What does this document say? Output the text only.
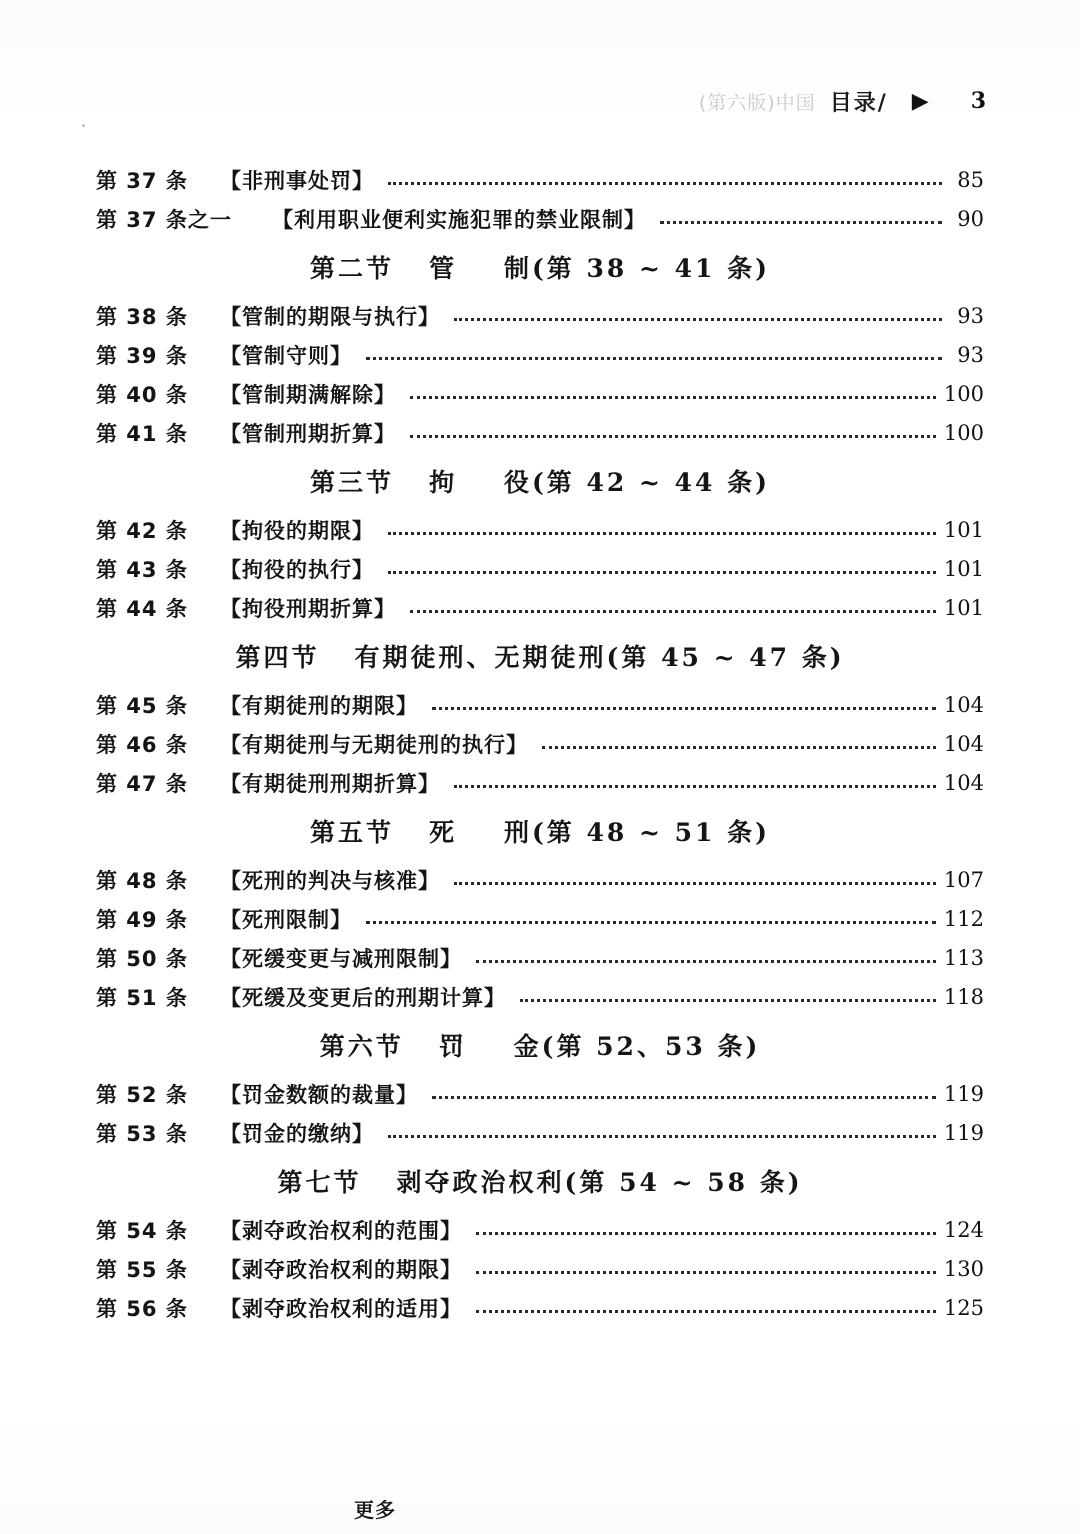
(第六版)中国 目录/ ▶ 3
第 37 条	【非刑事处罚】	85
第 37 条之一	【利用职业便利实施犯罪的禁业限制】	90
第二节   管    制(第 38 ~ 41 条)
第 38 条	【管制的期限与执行】	93
第 39 条	【管制守则】	93
第 40 条	【管制期满解除】	100
第 41 条	【管制刑期折算】	100
第三节   拘    役(第 42 ~ 44 条)
第 42 条	【拘役的期限】	101
第 43 条	【拘役的执行】	101
第 44 条	【拘役刑期折算】	101
第四节   有期徒刑、无期徒刑(第 45 ~ 47 条)
第 45 条	【有期徒刑的期限】	104
第 46 条	【有期徒刑与无期徒刑的执行】	104
第 47 条	【有期徒刑刑期折算】	104
第五节   死    刑(第 48 ~ 51 条)
第 48 条	【死刑的判决与核准】	107
第 49 条	【死刑限制】	112
第 50 条	【死缓变更与减刑限制】	113
第 51 条	【死缓及变更后的刑期计算】	118
第六节   罚    金(第 52、53 条)
第 52 条	【罚金数额的裁量】	119
第 53 条	【罚金的缴纳】	119
第七节   剥夺政治权利(第 54 ~ 58 条)
第 54 条	【剥夺政治权利的范围】	124
第 55 条	【剥夺政治权利的期限】	130
第 56 条	【剥夺政治权利的适用】	125
更多
